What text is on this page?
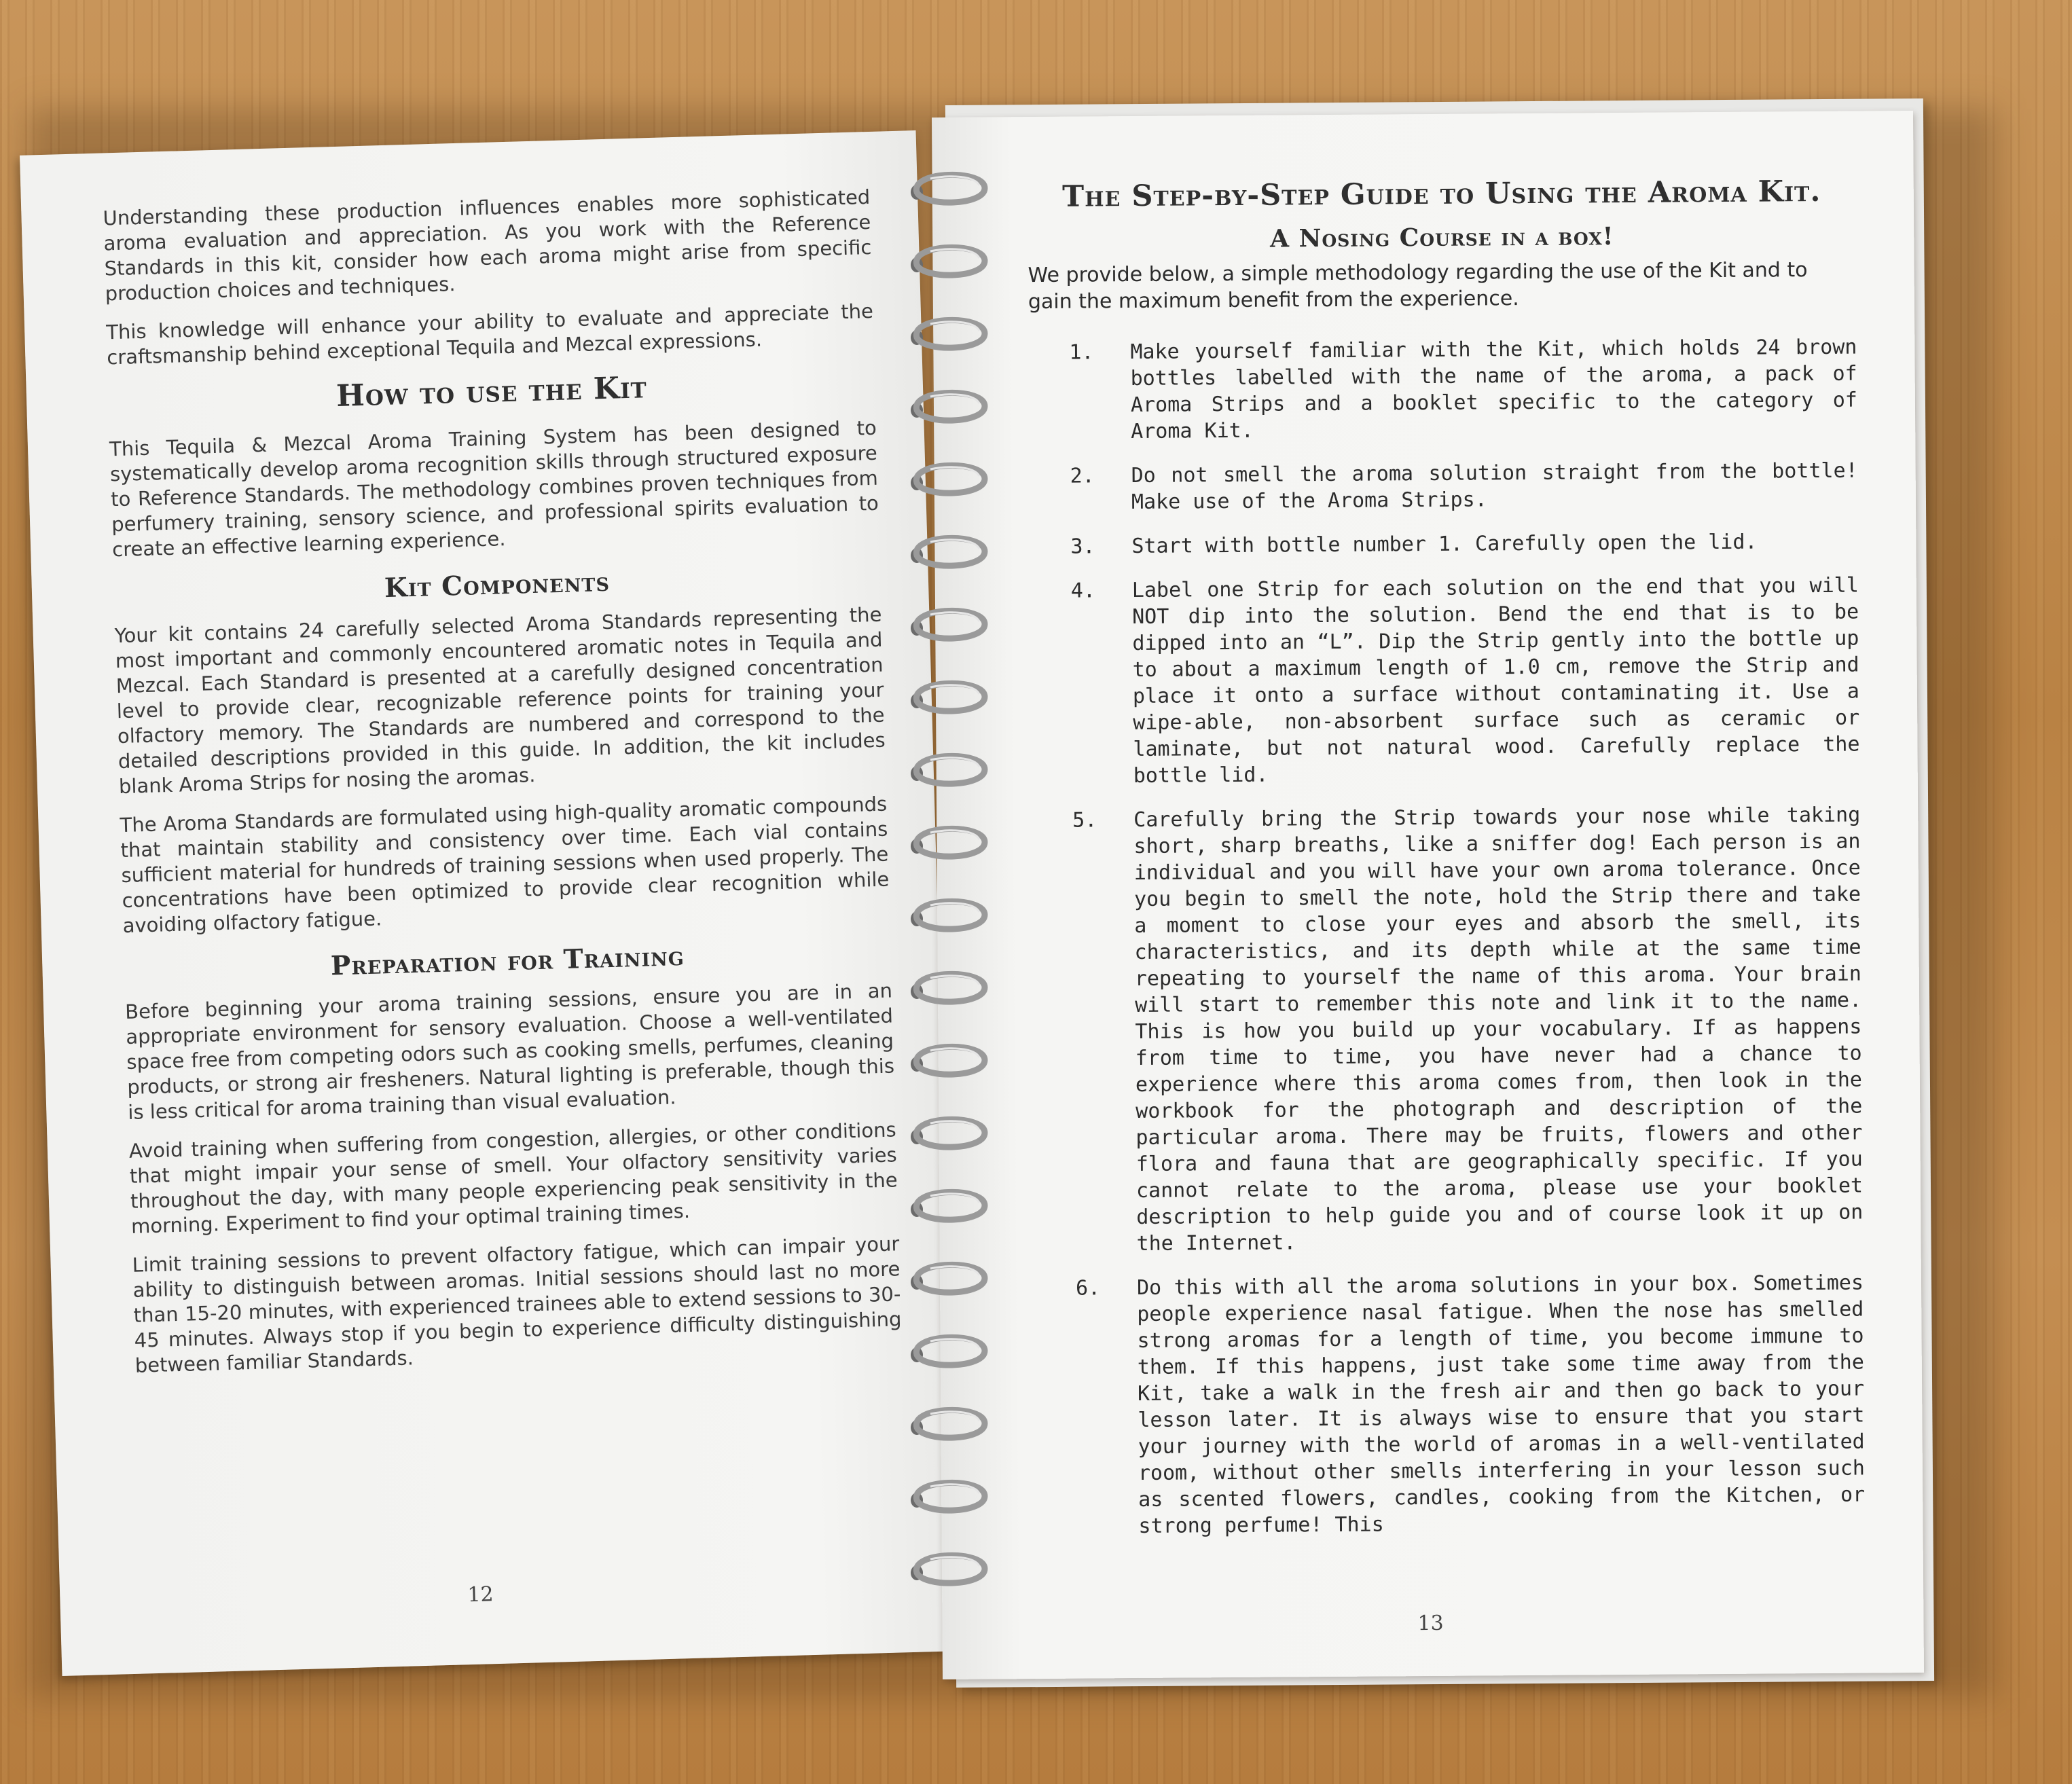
Understanding these production influences enables more sophisticated aroma evaluation and appreciation. As you work with the Reference Standards in this kit, consider how each aroma might arise from specific production choices and techniques.

This knowledge will enhance your ability to evaluate and appreciate the craftsmanship behind exceptional Tequila and Mezcal expressions.

How to use the Kit

This Tequila & Mezcal Aroma Training System has been designed to systematically develop aroma recognition skills through structured exposure to Reference Standards. The methodology combines proven techniques from perfumery training, sensory science, and professional spirits evaluation to create an effective learning experience.

Kit Components

Your kit contains 24 carefully selected Aroma Standards representing the most important and commonly encountered aromatic notes in Tequila and Mezcal. Each Standard is presented at a carefully designed concentration level to provide clear, recognizable reference points for training your olfactory memory. The Standards are numbered and correspond to the detailed descriptions provided in this guide. In addition, the kit includes blank Aroma Strips for nosing the aromas.

The Aroma Standards are formulated using high-quality aromatic compounds that maintain stability and consistency over time. Each vial contains sufficient material for hundreds of training sessions when used properly. The concentrations have been optimized to provide clear recognition while avoiding olfactory fatigue.

Preparation for Training

Before beginning your aroma training sessions, ensure you are in an appropriate environment for sensory evaluation. Choose a well-ventilated space free from competing odors such as cooking smells, perfumes, cleaning products, or strong air fresheners. Natural lighting is preferable, though this is less critical for aroma training than visual evaluation.

Avoid training when suffering from congestion, allergies, or other conditions that might impair your sense of smell. Your olfactory sensitivity varies throughout the day, with many people experiencing peak sensitivity in the morning. Experiment to find your optimal training times.

Limit training sessions to prevent olfactory fatigue, which can impair your ability to distinguish between aromas. Initial sessions should last no more than 15-20 minutes, with experienced trainees able to extend sessions to 30-45 minutes. Always stop if you begin to experience difficulty distinguishing between familiar Standards.

12
The Step-by-Step Guide to Using the Aroma Kit.
A Nosing Course in a box!

We provide below, a simple methodology regarding the use of the Kit and to gain the maximum benefit from the experience.

1.	Make yourself familiar with the Kit, which holds 24 brown bottles labelled with the name of the aroma, a pack of Aroma Strips and a booklet specific to the category of Aroma Kit.
2.	Do not smell the aroma solution straight from the bottle! Make use of the Aroma Strips.
3.	Start with bottle number 1. Carefully open the lid.
4.	Label one Strip for each solution on the end that you will NOT dip into the solution. Bend the end that is to be dipped into an “L”. Dip the Strip gently into the bottle up to about a maximum length of 1.0 cm, remove the Strip and place it onto a surface without contaminating it. Use a wipe-able, non-absorbent surface such as ceramic or laminate, but not natural wood. Carefully replace the bottle lid.
5.	Carefully bring the Strip towards your nose while taking short, sharp breaths, like a sniffer dog! Each person is an individual and you will have your own aroma tolerance. Once you begin to smell the note, hold the Strip there and take a moment to close your eyes and absorb the smell, its characteristics, and its depth while at the same time repeating to yourself the name of this aroma. Your brain will start to remember this note and link it to the name. This is how you build up your vocabulary. If as happens from time to time, you have never had a chance to experience where this aroma comes from, then look in the workbook for the photograph and description of the particular aroma. There may be fruits, flowers and other flora and fauna that are geographically specific. If you cannot relate to the aroma, please use your booklet description to help guide you and of course look it up on the Internet.
6.	Do this with all the aroma solutions in your box. Sometimes people experience nasal fatigue. When the nose has smelled strong aromas for a length of time, you become immune to them. If this happens, just take some time away from the Kit, take a walk in the fresh air and then go back to your lesson later. It is always wise to ensure that you start your journey with the world of aromas in a well-ventilated room, without other smells interfering in your lesson such as scented flowers, candles, cooking from the Kitchen, or strong perfume! This
13
